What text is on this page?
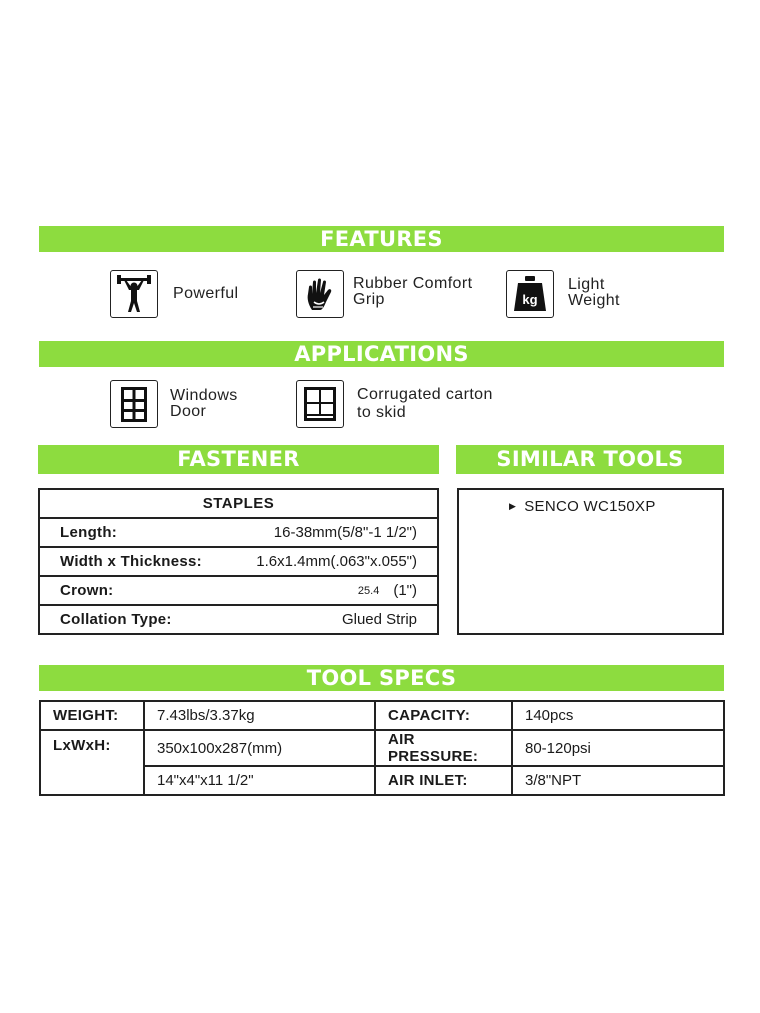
FEATURES
Powerful
Rubber Comfort
Grip	kg
Light
Weight
APPLICATIONS
Windows
Door
Corrugated carton
to skid
FASTENER	SIMILAR TOOLS
STAPLES	
Length:	16-38mm(5/8"-1 1/2")
Width x Thickness:	1.6x1.4mm(.063"x.055")
Crown:	25.4 (1")
Collation Type:	Glued Strip
▶ SENCO WC150XP
TOOL SPECS
WEIGHT:	7.43lbs/3.37kg	CAPACITY:	140pcs
LxWxH:	350x100x287(mm)	AIR PRESSURE:	80-120psi
	14"x4"x11 1/2"	AIR INLET:	3/8"NPT
